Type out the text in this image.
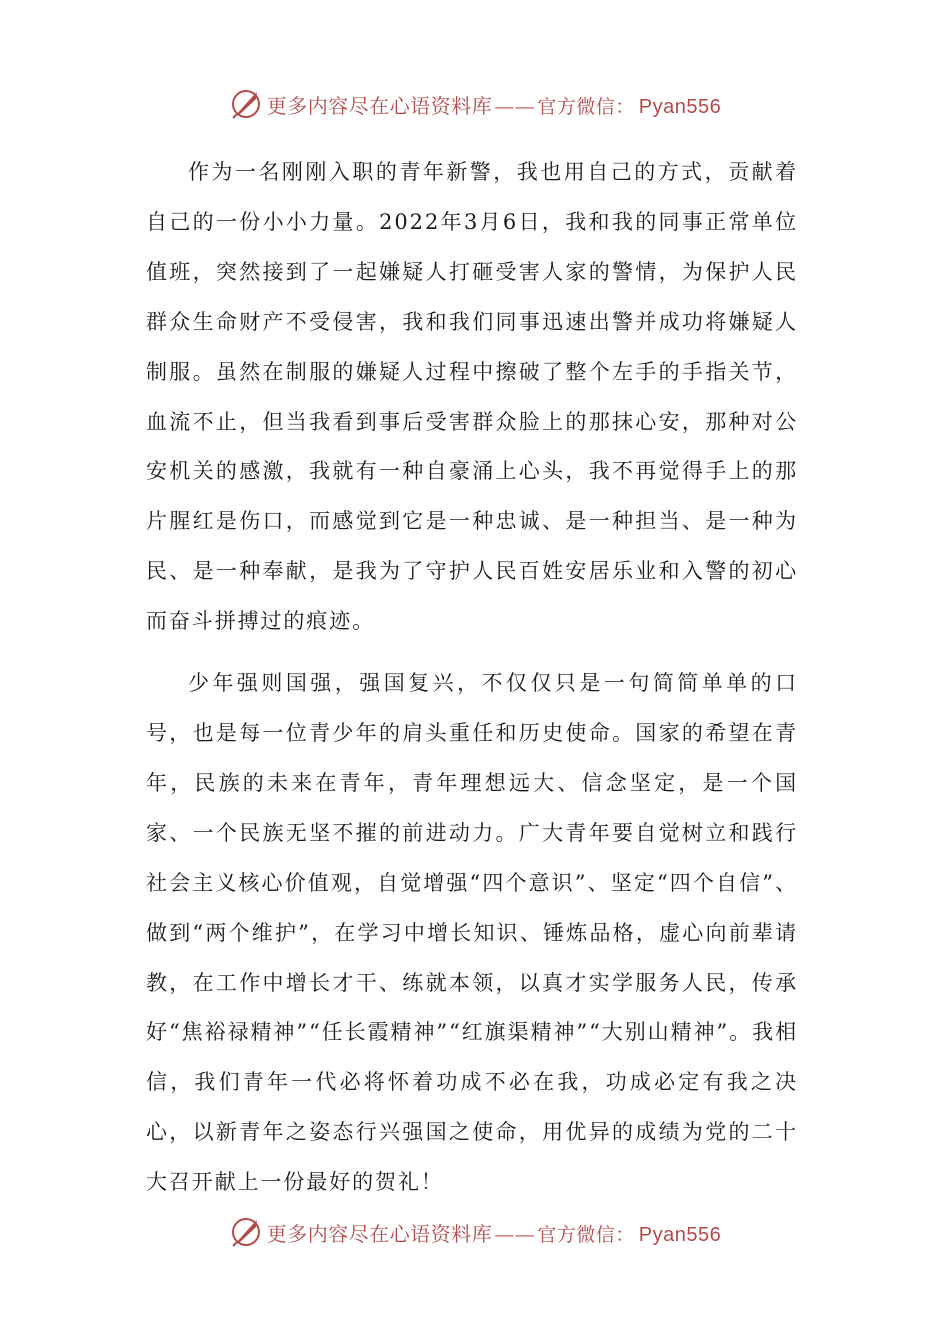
更多内容尽在心语资料库 —— 官方微信： Pyan556

作为一名刚刚入职的青年新警，我也用自己的方式，贡献着自己的一份小小力量。2022年3月6日，我和我的同事正常单位值班，突然接到了一起嫌疑人打砸受害人家的警情，为保护人民群众生命财产不受侵害，我和我们同事迅速出警并成功将嫌疑人制服。虽然在制服的嫌疑人过程中擦破了整个左手的手指关节，血流不止，但当我看到事后受害群众脸上的那抹心安，那种对公安机关的感激，我就有一种自豪涌上心头，我不再觉得手上的那片腥红是伤口，而感觉到它是一种忠诚、是一种担当、是一种为民、是一种奉献，是我为了守护人民百姓安居乐业和入警的初心而奋斗拼搏过的痕迹。

少年强则国强，强国复兴，不仅仅只是一句简简单单的口号，也是每一位青少年的肩头重任和历史使命。国家的希望在青年，民族的未来在青年，青年理想远大、信念坚定，是一个国家、一个民族无坚不摧的前进动力。广大青年要自觉树立和践行社会主义核心价值观，自觉增强“四个意识”、坚定“四个自信”、做到“两个维护”，在学习中增长知识、锤炼品格，虚心向前辈请教，在工作中增长才干、练就本领，以真才实学服务人民，传承好“焦裕禄精神”“任长霞精神”“红旗渠精神”“大别山精神”。我相信，我们青年一代必将怀着功成不必在我，功成必定有我之决心，以新青年之姿态行兴强国之使命，用优异的成绩为党的二十大召开献上一份最好的贺礼！

更多内容尽在心语资料库 —— 官方微信： Pyan556
